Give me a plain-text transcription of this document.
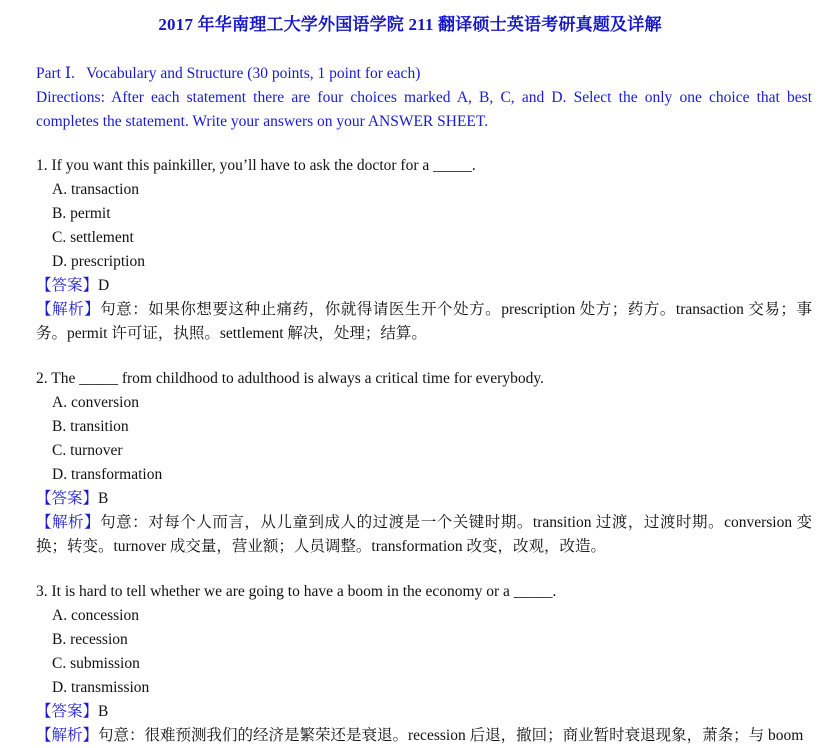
2017 年华南理工大学外国语学院 211 翻译硕士英语考研真题及详解
Part Ⅰ.   Vocabulary and Structure (30 points, 1 point for each)
Directions: After each statement there are four choices marked A, B, C, and D. Select the only one choice that best completes the statement. Write your answers on your ANSWER SHEET.
1. If you want this painkiller, you’ll have to ask the doctor for a _____.
A. transaction
B. permit
C. settlement
D. prescription
【答案】D
【解析】句意：如果你想要这种止痛药，你就得请医生开个处方。prescription 处方；药方。transaction 交易；事务。permit 许可证，执照。settlement 解决，处理；结算。
2. The _____ from childhood to adulthood is always a critical time for everybody.
A. conversion
B. transition
C. turnover
D. transformation
【答案】B
【解析】句意：对每个人而言，从儿童到成人的过渡是一个关键时期。transition 过渡，过渡时期。conversion 变换；转变。turnover 成交量，营业额；人员调整。transformation 改变，改观，改造。
3. It is hard to tell whether we are going to have a boom in the economy or a _____.
A. concession
B. recession
C. submission
D. transmission
【答案】B
【解析】句意：很难预测我们的经济是繁荣还是衰退。recession 后退，撤回；商业暂时衰退现象，萧条；与 boom
